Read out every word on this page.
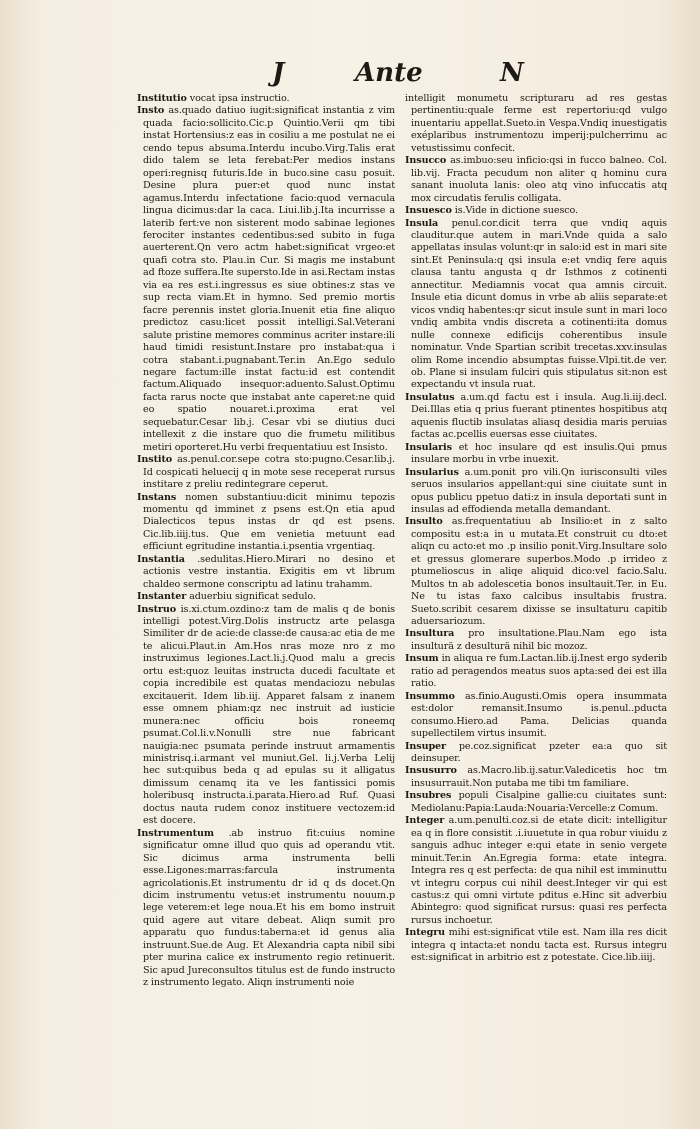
J	Ante	N

Institutio vocat ipsa instructio.

Insto as.quado datiuo iugit:significat instantia z vim quada facio:sollicito.Cic.p Quintio.Verii qm tibi instat Hortensius:z eas in cosiliu a me postulat ne ei cendo tepus absuma.Interdu incubo.Virg.Talis erat dido talem se leta ferebat:Per medios instans operi:regnisq futuris.Ide in buco.sine casu posuit. Desine plura puer:et quod nunc instat agamus.Interdu infectatione facio:quod vernacula lingua dicimus:dar la caca. Liui.lib.j.Ita incurrisse a laterib fert:ve non sisterent modo sabinae legiones ferociter instantes cedentibus:sed subito in fuga auerterent.Qn vero actm habet:significat vrgeo:et quafi cotra sto. Plau.in Cur. Si magis me instabunt ad ftoze suffera.Ite supersto.Ide in asi.Rectam instas via ea res est.i.ingressus es siue obtines:z stas ve sup recta viam.Et in hymno. Sed premio mortis facre perennis instet gloria.Inuenit etia fine aliquo predictoz casu:licet possit intelligi.Sal.Veterani salute pristine memores comminus acriter instare:ili haud timidi resistunt.Instare pro instabat:qua i cotra stabant.i.pugnabant.Ter.in An.Ego sedulo negare factum:ille instat factu:id est contendit factum.Aliquado insequor:aduento.Salust.Optimu facta rarus nocte que instabat ante caperet:ne quid eo spatio nouaret.i.proxima erat vel sequebatur.Cesar lib.j. Cesar vbi se diutius duci intellexit z die instare quo die frumetu militibus metiri oporteret.Hu verbi frequentatiuu est Insisto.

Instito as.penul.cor.sepe cotra sto:pugno.Cesar.lib.j. Id cospicati heluecij q in mote sese receperat rursus institare z preliu redintegrare ceperut.

Instans nomen substantiuu:dicit minimu tepozis momentu qd imminet z psens est.Qn etia apud Dialecticos tepus instas dr qd est psens. Cic.lib.iiij.tus. Que em venietia metuunt ead efficiunt egritudine instantia.i.psentia vrgentiaq.

Instantia .sedulitas.Hiero.Mirari no desino et actionis vestre instantia. Exigitis em vt librum chaldeo sermone conscriptu ad latinu trahamm.

Instanter aduerbiu significat sedulo.

Instruo is.xi.ctum.ozdino:z tam de malis q de bonis intelligi potest.Virg.Dolis instructz arte pelasga Similiter dr de acie:de classe:de causa:ac etia de me te alicui.Plaut.in Am.Hos nras moze nro z mo instruximus legiones.Lact.li.j.Quod malu a grecis ortu est:quoz leuitas instructa ducedi facultate et copia incredibile est quatas mendaciozu nebulas excitauerit. Idem lib.iij. Apparet falsam z inanem esse omnem phiam:qz nec instruit ad iusticie munera:nec officiu bois roneemq psumat.Col.li.v.Nonulli stre nue fabricant nauigia:nec psumata perinde instruut armamentis ministrisq.i.armant vel muniut.Gel. li.j.Verba Lelij hec sut:quibus beda q ad epulas su it alligatus dimissum cenamq ita ve les fantissici pomis holeribusq instructa.i.parata.Hiero.ad Ruf. Quasi doctus nauta rudem conoz instituere vectozem:id est docere.

Instrumentum .ab instruo fit:cuius nomine significatur omne illud quo quis ad operandu vtit. Sic dicimus arma instrumenta belli esse.Ligones:marras:farcula instrumenta agricolationis.Et instrumentu dr id q ds docet.Qn dicim instrumentu vetus:et instrumentu nouum.p lege veterem:et lege noua.Et his em bomo instruit quid agere aut vitare debeat. Aliqn sumit pro apparatu quo fundus:taberna:et id genus alia instruunt.Sue.de Aug. Et Alexandria capta nibil sibi pter murina calice ex instrumento regio retinuerit. Sic apud Jureconsultos titulus est de fundo instructo z instrumento legato. Aliqn instrumenti noie

intelligit monumetu scripturaru ad res gestas pertinentiu:quale ferme est repertoriu:qd vulgo inuentariu appellat.Sueto.in Vespa.Vndiq inuestigatis exéplaribus instrumentozu imperij:pulcherrimu ac vetustissimu confecit.

Insucco as.imbuo:seu inficio:qsi in fucco balneo. Col. lib.vij. Fracta pecudum non aliter q hominu cura sanant inuoluta lanis: oleo atq vino infuccatis atq mox circudatis ferulis colligata.

Insuesco is.Vide in dictione suesco.

Insula penul.cor.dicit terra que vndiq aquis clauditur.que autem in mari.Vnde quida a salo appellatas insulas volunt:qr in salo:id est in mari site sint.Et Peninsula:q qsi insula e:et vndiq fere aquis clausa tantu angusta q dr Isthmos z cotinenti annectitur. Mediamnis vocat qua amnis circuit. Insule etia dicunt domus in vrbe ab aliis separate:et vicos vndiq habentes:qr sicut insule sunt in mari loco vndiq ambita vndis discreta a cotinenti:ita domus nulle connexe edificijs coherentibus insule nominatur. Vnde Spartian scribit trecetas.xxv.insulas olim Rome incendio absumptas fuisse.Vlpi.tit.de ver. ob. Plane si insulam fulciri quis stipulatus sit:non est expectandu vt insula ruat.

Insulatus a.um.qd factu est i insula. Aug.li.iij.decl. Dei.Illas etia q prius fuerant ptinentes hospitibus atq aquenis fluctib insulatas aliasq desidia maris peruias factas ac.pcellis euersas esse ciuitates.

Insularis et hoc insulare qd est insulis.Qui pmus insulare morbu in vrbe inuexit.

Insularius a.um.ponit pro vili.Qn iurisconsulti viles seruos insularios appellant:qui sine ciuitate sunt in opus publicu ppetuo dati:z in insula deportati sunt in insulas ad effodienda metalla demandant.

Insulto as.frequentatiuu ab Insilio:et in z salto compositu est:a in u mutata.Et construit cu dto:et aliqn cu acto:et mo .p insilio ponit.Virg.Insultare solo et gressus glomerare superbos.Modo .p irrideo z ptumelioscus in aliqe aliquid dico:vel facio.Salu. Multos tn ab adolescetia bonos insultauit.Ter. in Eu. Ne tu istas faxo calcibus insultabis frustra. Sueto.scribit cesarem dixisse se insultaturu capitib aduersariozum.

Insultura pro insultatione.Plau.Nam ego ista insulturä z desulturä nihil bic mozoz.

Insum in aliqua re fum.Lactan.lib.ij.Inest ergo syderib ratio ad peragendos meatus suos apta:sed dei est illa ratio.

Insummo as.finio.Augusti.Omis opera insummata est:dolor remansit.Insumo is.penul..pducta consumo.Hiero.ad Pama. Delicias quanda supellectilem virtus insumit.

Insuper pe.coz.significat pzeter ea:a quo sit deinsuper.

Insusurro as.Macro.lib.ij.satur.Valedicetis hoc tm insusurrauit.Non putaba me tibi tm familiare.

Insubres populi Cisalpine gallie:cu ciuitates sunt: Mediolanu:Papia:Lauda:Nouaria:Vercelle:z Comum.

Integer a.um.penulti.coz.si de etate dicit: intelligitur ea q in flore consistit .i.iuuetute in qua robur viuidu z sanguis adhuc integer e:qui etate in senio vergete minuit.Ter.in An.Egregia forma: etate integra. Integra res q est perfecta: de qua nihil est imminuttu vt integru corpus cui nihil deest.Integer vir qui est castus:z qui omni virtute pditus e.Hinc sit adverbiu Abintegro: quod significat rursus: quasi res perfecta rursus inchoetur.

Integru mihi est:significat vtile est. Nam illa res dicit integra q intacta:et nondu tacta est. Rursus integru est:significat in arbitrio est z potestate. Cice.lib.iiij.
